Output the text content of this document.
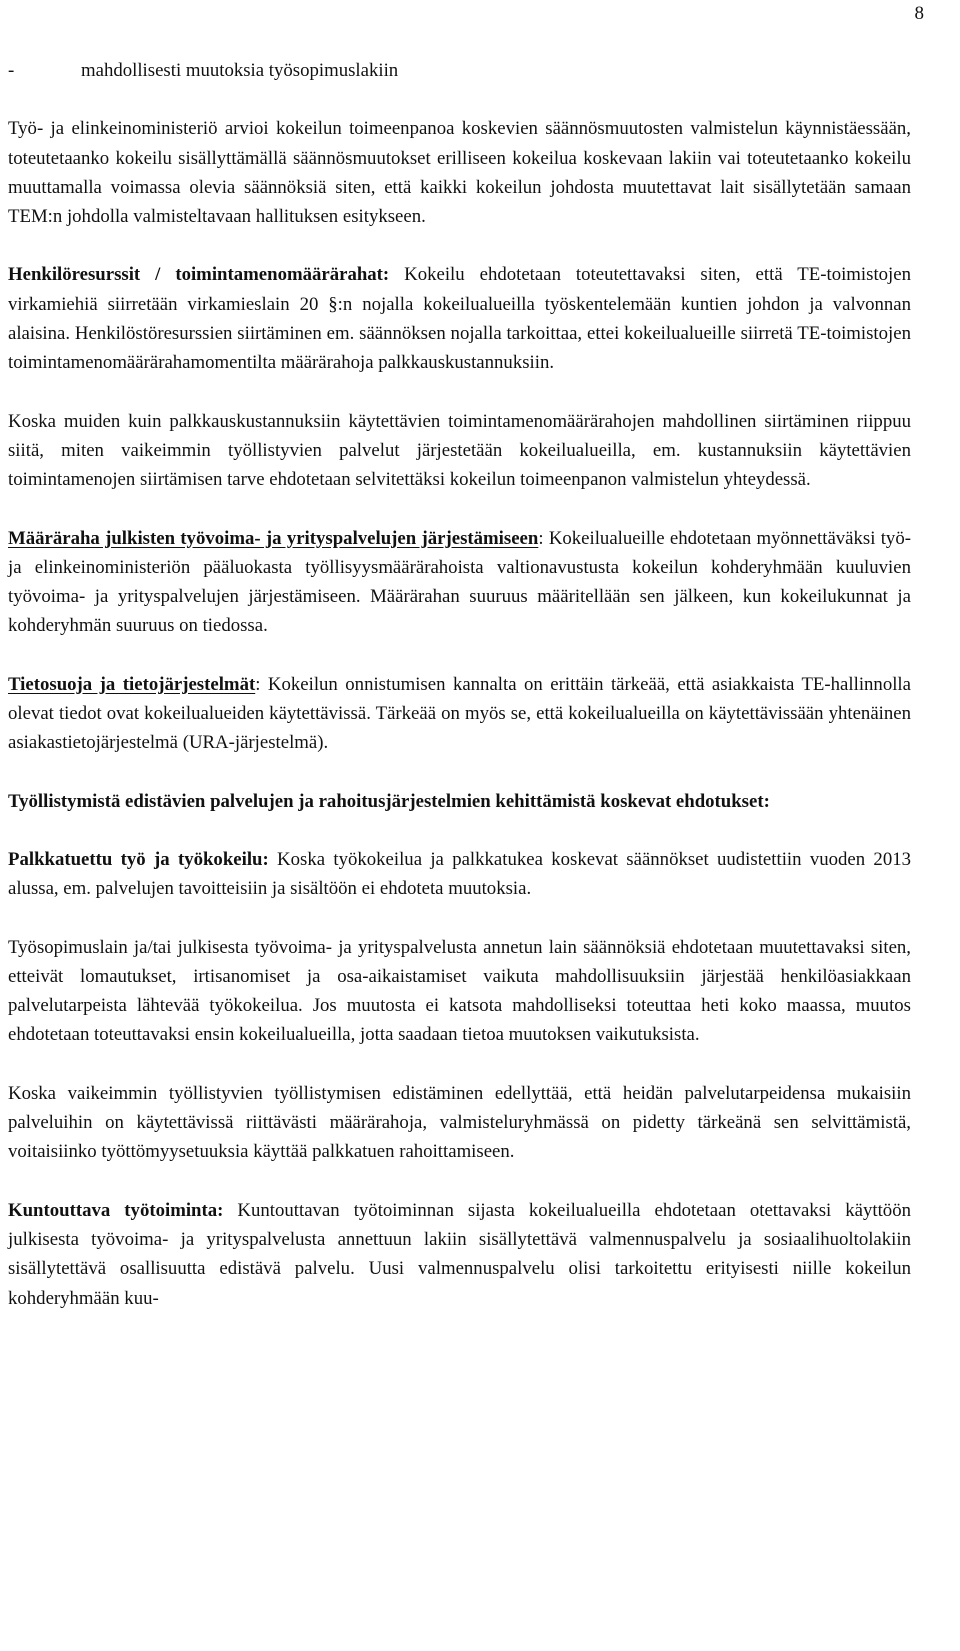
8

-	mahdollisesti muutoksia työsopimuslakiin

Työ- ja elinkeinoministeriö arvioi kokeilun toimeenpanoa koskevien säännösmuutosten valmistelun käynnistäessään, toteutetaanko kokeilu sisällyttämällä säännösmuutokset erilliseen kokeilua koskevaan lakiin vai toteutetaanko kokeilu muuttamalla voimassa olevia säännöksiä siten, että kaikki kokeilun johdosta muutettavat lait sisällytetään samaan TEM:n johdolla valmisteltavaan hallituksen esitykseen.

Henkilöresurssit / toimintamenomäärärahat: Kokeilu ehdotetaan toteutettavaksi siten, että TE-toimistojen virkamiehiä siirretään virkamieslain 20 §:n nojalla kokeilualueilla työskentelemään kuntien johdon ja valvonnan alaisina. Henkilöstöresurssien siirtäminen em. säännöksen nojalla tarkoittaa, ettei kokeilualueille siirretä TE-toimistojen toimintamenomäärärahamomentilta määrärahoja palkkauskustannuksiin.

Koska muiden kuin palkkauskustannuksiin käytettävien toimintamenomäärärahojen mahdollinen siirtäminen riippuu siitä, miten vaikeimmin työllistyvien palvelut järjestetään kokeilualueilla, em. kustannuksiin käytettävien toimintamenojen siirtämisen tarve ehdotetaan selvitettäksi kokeilun toimeenpanon valmistelun yhteydessä.

Määräraha julkisten työvoima- ja yrityspalvelujen järjestämiseen: Kokeilualueille ehdotetaan myönnettäväksi työ- ja elinkeinoministeriön pääluokasta työllisyysmäärärahoista valtionavustusta kokeilun kohderyhmään kuuluvien työvoima- ja yrityspalvelujen järjestämiseen. Määrärahan suuruus määritellään sen jälkeen, kun kokeilukunnat ja kohderyhmän suuruus on tiedossa.

Tietosuoja ja tietojärjestelmät: Kokeilun onnistumisen kannalta on erittäin tärkeää, että asiakkaista TE-hallinnolla olevat tiedot ovat kokeilualueiden käytettävissä. Tärkeää on myös se, että kokeilualueilla on käytettävissään yhtenäinen asiakastietojärjestelmä (URA-järjestelmä).

Työllistymistä edistävien palvelujen ja rahoitusjärjestelmien kehittämistä koskevat ehdotukset:

Palkkatuettu työ ja työkokeilu: Koska työkokeilua ja palkkatukea koskevat säännökset uudistettiin vuoden 2013 alussa, em. palvelujen tavoitteisiin ja sisältöön ei ehdoteta muutoksia.

Työsopimuslain ja/tai julkisesta työvoima- ja yrityspalvelusta annetun lain säännöksiä ehdotetaan muutettavaksi siten, etteivät lomautukset, irtisanomiset ja osa-aikaistamiset vaikuta mahdollisuuksiin järjestää henkilöasiakkaan palvelutarpeista lähtevää työkokeilua. Jos muutosta ei katsota mahdolliseksi toteuttaa heti koko maassa, muutos ehdotetaan toteuttavaksi ensin kokeilualueilla, jotta saadaan tietoa muutoksen vaikutuksista.

Koska vaikeimmin työllistyvien työllistymisen edistäminen edellyttää, että heidän palvelutarpeidensa mukaisiin palveluihin on käytettävissä riittävästi määrärahoja, valmisteluryhmässä on pidetty tärkeänä sen selvittämistä, voitaisiinko työttömyysetuuksia käyttää palkkatuen rahoittamiseen.

Kuntouttava työtoiminta: Kuntouttavan työtoiminnan sijasta kokeilualueilla ehdotetaan otettavaksi käyttöön julkisesta työvoima- ja yrityspalvelusta annettuun lakiin sisällytettävä valmennuspalvelu ja sosiaalihuoltolakiin sisällytettävä osallisuutta edistävä palvelu. Uusi valmennuspalvelu olisi tarkoitettu erityisesti niille kokeilun kohderyhmään kuu-
